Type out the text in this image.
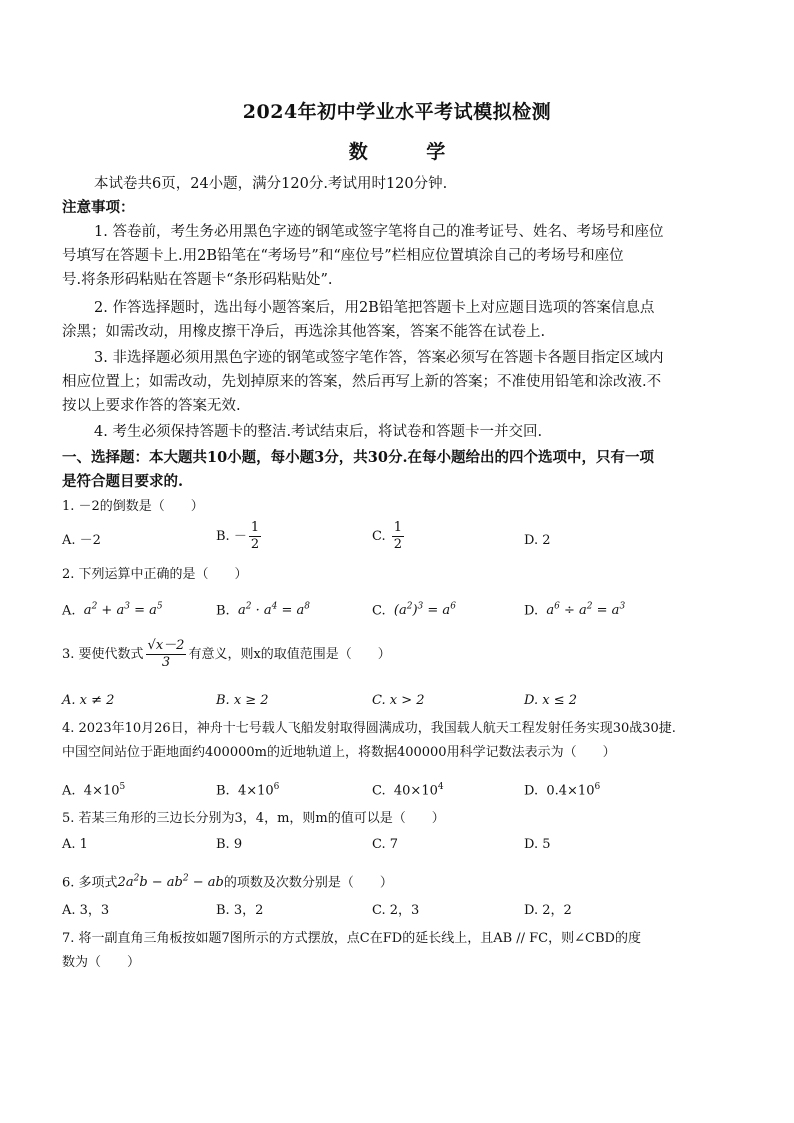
2024年初中学业水平考试模拟检测
数 学
本试卷共6页，24小题，满分120分.考试用时120分钟.
注意事项：
1. 答卷前，考生务必用黑色字迹的钢笔或签字笔将自己的准考证号、姓名、考场号和座位
号填写在答题卡上.用2B铅笔在“考场号”和“座位号”栏相应位置填涂自己的考场号和座位
号.将条形码粘贴在答题卡“条形码粘贴处”.
2. 作答选择题时，选出每小题答案后，用2B铅笔把答题卡上对应题目选项的答案信息点
涂黑；如需改动，用橡皮擦干净后，再选涂其他答案，答案不能答在试卷上.
3. 非选择题必须用黑色字迹的钢笔或签字笔作答，答案必须写在答题卡各题目指定区域内
相应位置上；如需改动，先划掉原来的答案，然后再写上新的答案；不准使用铅笔和涂改液.不
按以上要求作答的答案无效.
4. 考生必须保持答题卡的整洁.考试结束后，将试卷和答题卡一并交回.
一、选择题：本大题共10小题，每小题3分，共30分.在每小题给出的四个选项中，只有一项
是符合题目要求的.
1. －2的倒数是（　　）
A. －2	B. － $\frac{1}{2}$	C. $\frac{1}{2}$	D. 2
2. 下列运算中正确的是（　　）
A. $a^2 + a^3 = a^5$	B. $a^2 \cdot a^4 = a^8$	C. $(a^2)^3 = a^6$	D. $a^6 \div a^2 = a^3$
3. 要使代数式 $\frac{√x-2}{3}$ 有意义，则x的取值范围是（　　）
A. x ≠ 2	B. x ≥ 2	C. x > 2	D. x ≤ 2
4. 2023年10月26日，神舟十七号载人飞船发射取得圆满成功，我国载人航天工程发射任务实现30战30捷.
中国空间站位于距地面约400000m的近地轨道上，将数据400000用科学记数法表示为（　　）
A.  $4\times 10^5$	B.  $4\times 10^6$	C.  $40\times 10^4$	D.  $0.4\times 10^6$
5. 若某三角形的三边长分别为3，4，m，则m的值可以是（　　）
A. 1	B. 9	C. 7	D. 5
6. 多项式$2a^2b - ab^2$ − ab的项数及次数分别是（　　）
A. 3，3	B. 3，2	C. 2，3	D. 2，2
7. 将一副直角三角板按如题7图所示的方式摆放，点C在FD的延长线上，且AB // FC，则∠CBD的度
数为（　　）
